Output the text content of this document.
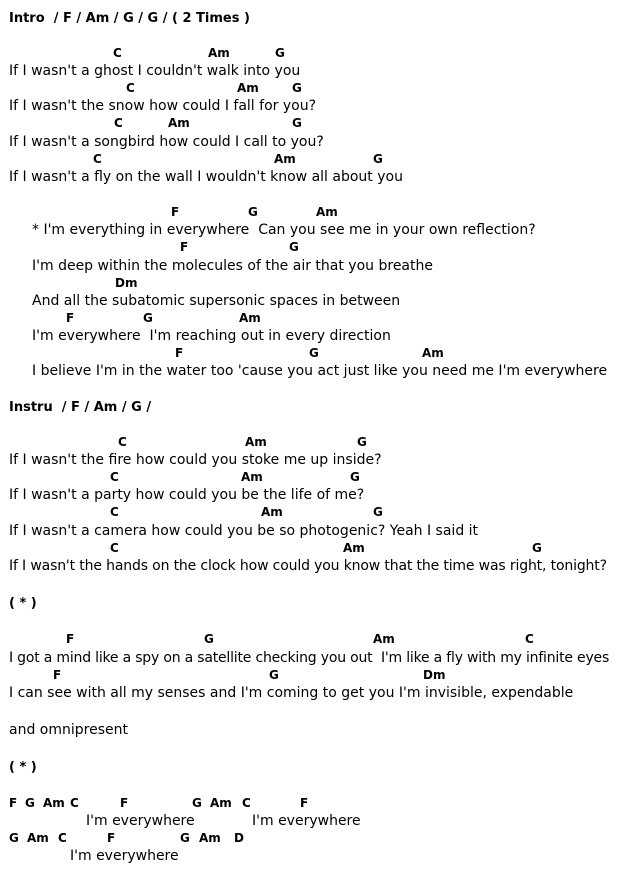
Intro / F / Am / G / G / ( 2 Times )
C	Am	G
If I wasn't a ghost I couldn't walk into you
C	Am	G
If I wasn't the snow how could I fall for you?
C	Am	G
If I wasn't a songbird how could I call to you?
C	Am	G
If I wasn't a fly on the wall I wouldn't know all about you
F	G	Am
* I'm everything in everywhere  Can you see me in your own reflection?
F	G
I'm deep within the molecules of the air that you breathe
Dm
And all the subatomic supersonic spaces in between
F	G	Am
I'm everywhere  I'm reaching out in every direction
F	G	Am
I believe I'm in the water too 'cause you act just like you need me I'm everywhere
Instru / F / Am / G /
C	Am	G
If I wasn't the fire how could you stoke me up inside?
C	Am	G
If I wasn't a party how could you be the life of me?
C	Am	G
If I wasn't a camera how could you be so photogenic? Yeah I said it
C	Am	G
If I wasn't the hands on the clock how could you know that the time was right, tonight?
( * )
F	G	Am	C
I got a mind like a spy on a satellite checking you out  I'm like a fly with my infinite eyes
F	G	Dm
I can see with all my senses and I'm coming to get you I'm invisible, expendable
and omnipresent
( * )
F G Am C	F	G Am C	F
I'm everywhere	I'm everywhere
G Am C	F	G Am D
I'm everywhere
